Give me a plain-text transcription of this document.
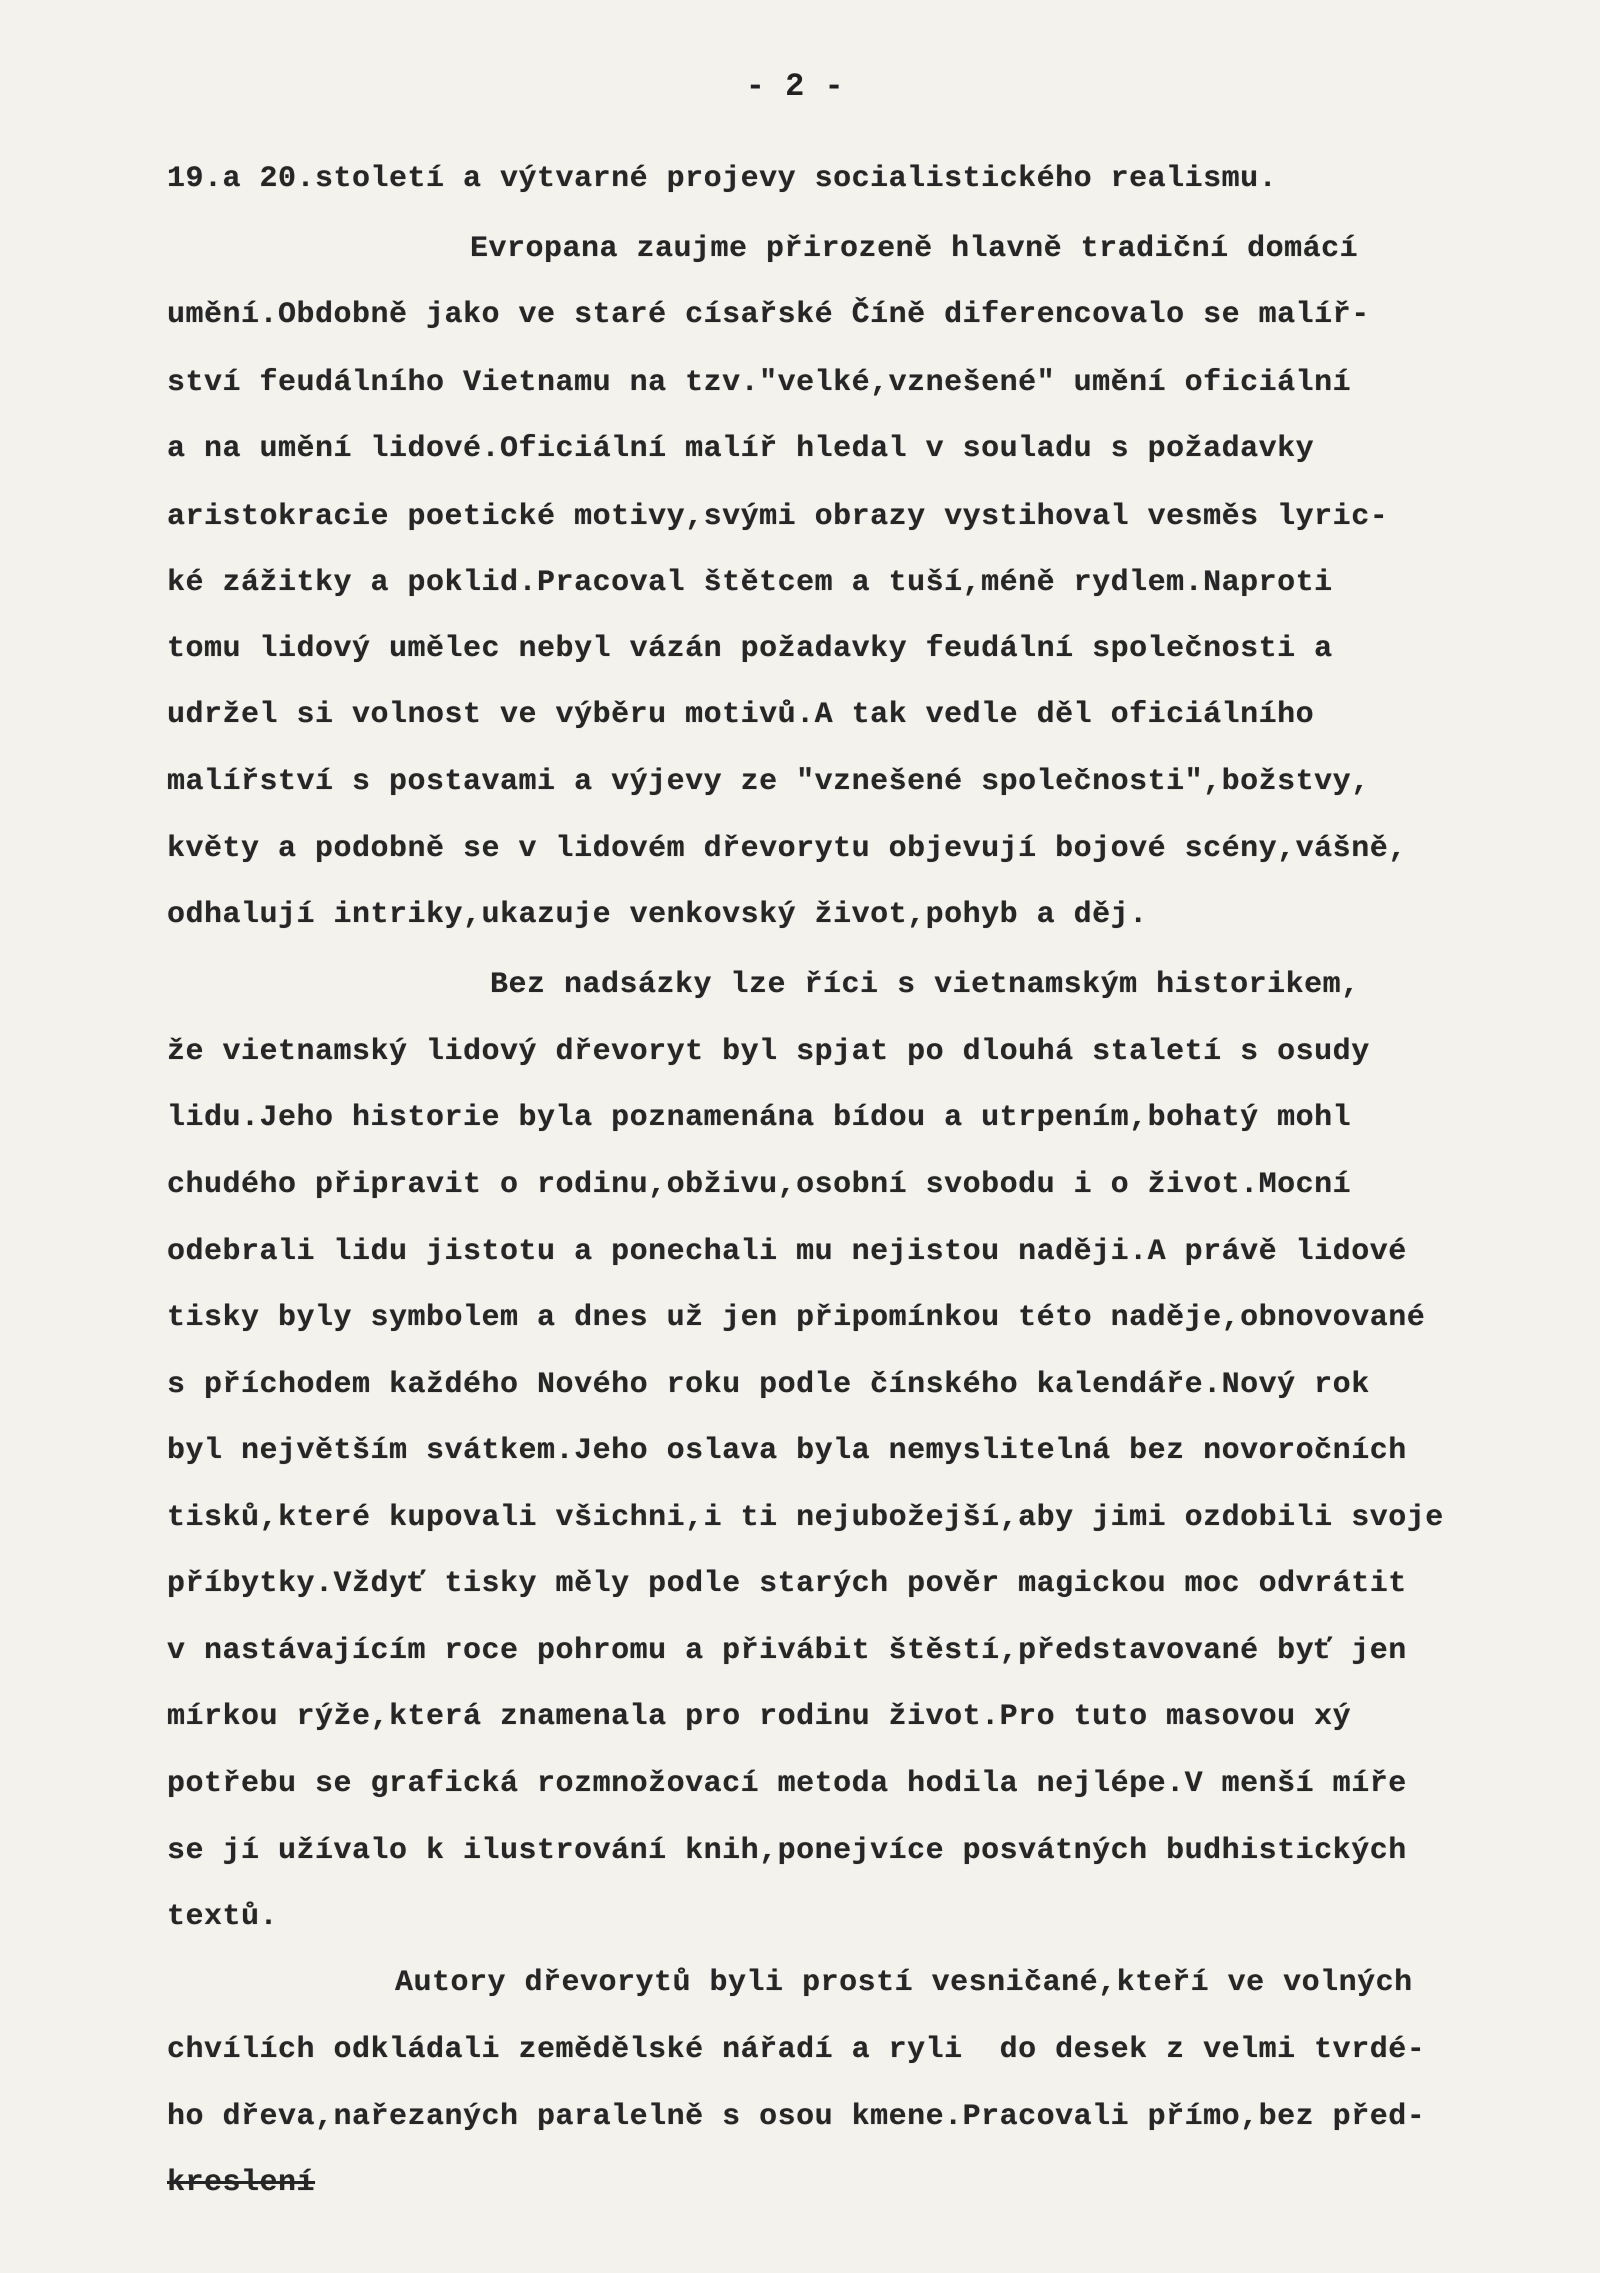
- 2 -
19.a 20.století a výtvarné projevy socialistického realismu.
Evropana zaujme přirozeně hlavně tradiční domácí
umění.Obdobně jako ve staré císařské Číně diferencovalo se malíř-
ství feudálního Vietnamu na tzv."velké,vznešené" umění oficiální
a na umění lidové.Oficiální malíř hledal v souladu s požadavky
aristokracie poetické motivy,svými obrazy vystihoval vesměs lyric-
ké zážitky a poklid.Pracoval štětcem a tuší,méně rydlem.Naproti
tomu lidový umělec nebyl vázán požadavky feudální společnosti a
udržel si volnost ve výběru motivů.A tak vedle děl oficiálního
malířství s postavami a výjevy ze "vznešené společnosti",božstvy,
květy a podobně se v lidovém dřevorytu objevují bojové scény,vášně,
odhalují intriky,ukazuje venkovský život,pohyb a děj.
Bez nadsázky lze říci s vietnamským historikem,
že vietnamský lidový dřevoryt byl spjat po dlouhá staletí s osudy
lidu.Jeho historie byla poznamenána bídou a utrpením,bohatý mohl
chudého připravit o rodinu,obživu,osobní svobodu i o život.Mocní
odebrali lidu jistotu a ponechali mu nejistou naději.A právě lidové
tisky byly symbolem a dnes už jen připomínkou této naděje,obnovované
s příchodem každého Nového roku podle čínského kalendáře.Nový rok
byl největším svátkem.Jeho oslava byla nemyslitelná bez novoročních
tisků,které kupovali všichni,i ti nejubožejší,aby jimi ozdobili svoje
příbytky.Vždyť tisky měly podle starých pověr magickou moc odvrátit
v nastávajícím roce pohromu a přivábit štěstí,představované byť jen
mírkou rýže,která znamenala pro rodinu život.Pro tuto masovou xý
potřebu se grafická rozmnožovací metoda hodila nejlépe.V menší míře
se jí užívalo k ilustrování knih,ponejvíce posvátných budhistických
textů.
Autory dřevorytů byli prostí vesničané,kteří ve volných
chvílích odkládali zemědělské nářadí a ryli  do desek z velmi tvrdé-
ho dřeva,nařezaných paralelně s osou kmene.Pracovali přímo,bez před-
kreslení
